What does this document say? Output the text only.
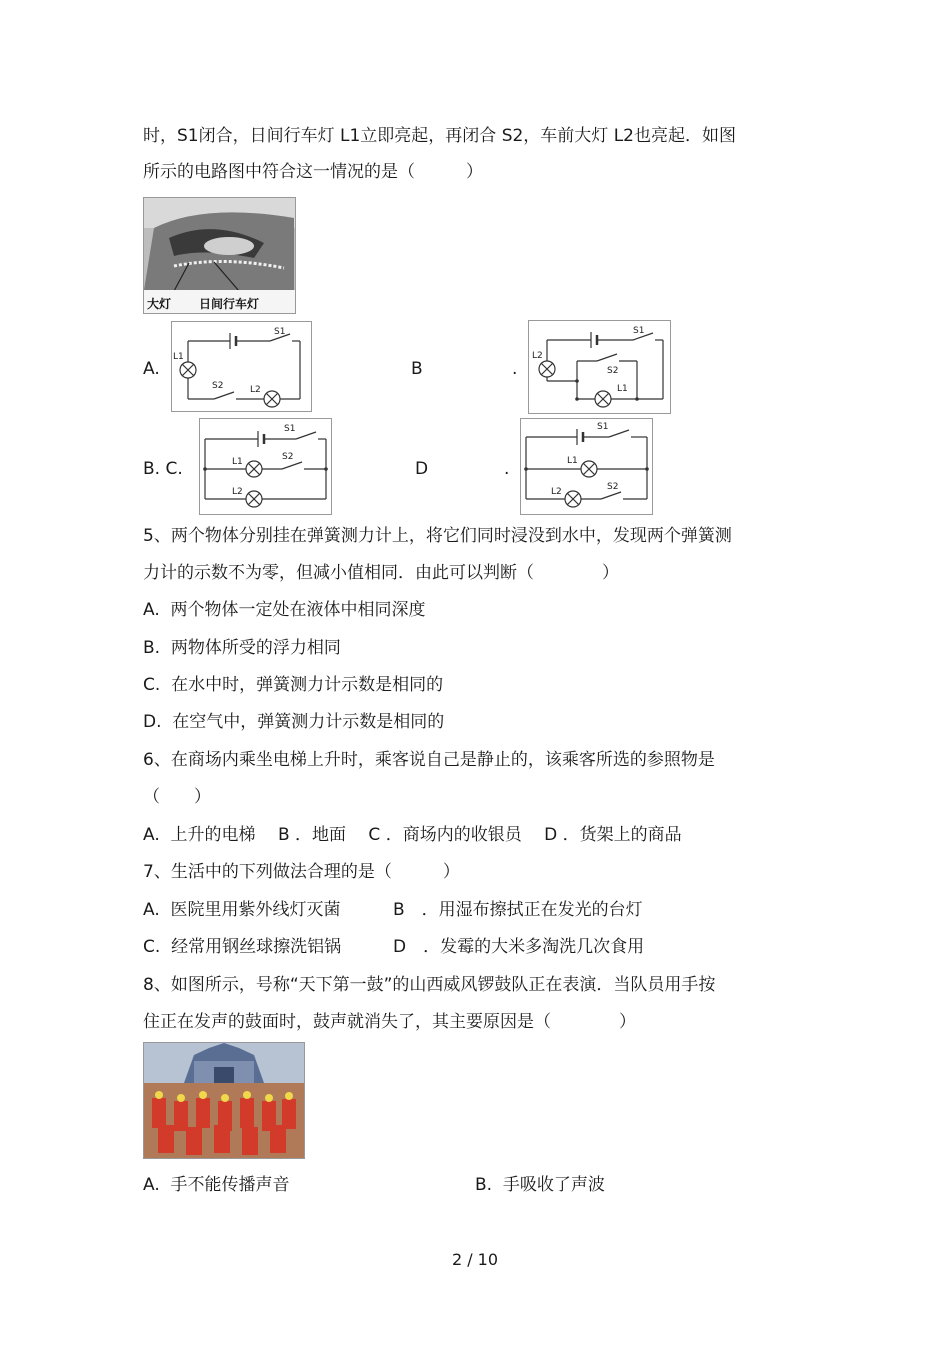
时，S1闭合，日间行车灯 L1立即亮起，再闭合 S2，车前大灯 L2也亮起．如图
所示的电路图中符合这一情况的是（　　　）
大灯 日间行车灯
A.
S1
S2
L1
L2
B	.
S1
S2
L2
L1
B. C.
S1
S2
L1
L2
D	.
S1
S2
L1
L2
5、两个物体分别挂在弹簧测力计上，将它们同时浸没到水中，发现两个弹簧测
力计的示数不为零，但减小值相同．由此可以判断（　　　　）
A.  两个物体一定处在液体中相同深度
B.  两物体所受的浮力相同
C.  在水中时，弹簧测力计示数是相同的
D.  在空气中，弹簧测力计示数是相同的
6、在商场内乘坐电梯上升时，乘客说自己是静止的，该乘客所选的参照物是
（　　）
A.  上升的电梯　 B ．地面　 C ．商场内的收银员　 D ．货架上的商品
7、生活中的下列做法合理的是（　　　）
A.  医院里用紫外线灯灭菌	B　．用湿布擦拭正在发光的台灯
C.  经常用钢丝球擦洗铝锅	D　．发霉的大米多淘洗几次食用
8、如图所示，号称“天下第一鼓”的山西威风锣鼓队正在表演．当队员用手按
住正在发声的鼓面时，鼓声就消失了，其主要原因是（　　　　）
A.  手不能传播声音	B.  手吸收了声波
2 / 10
